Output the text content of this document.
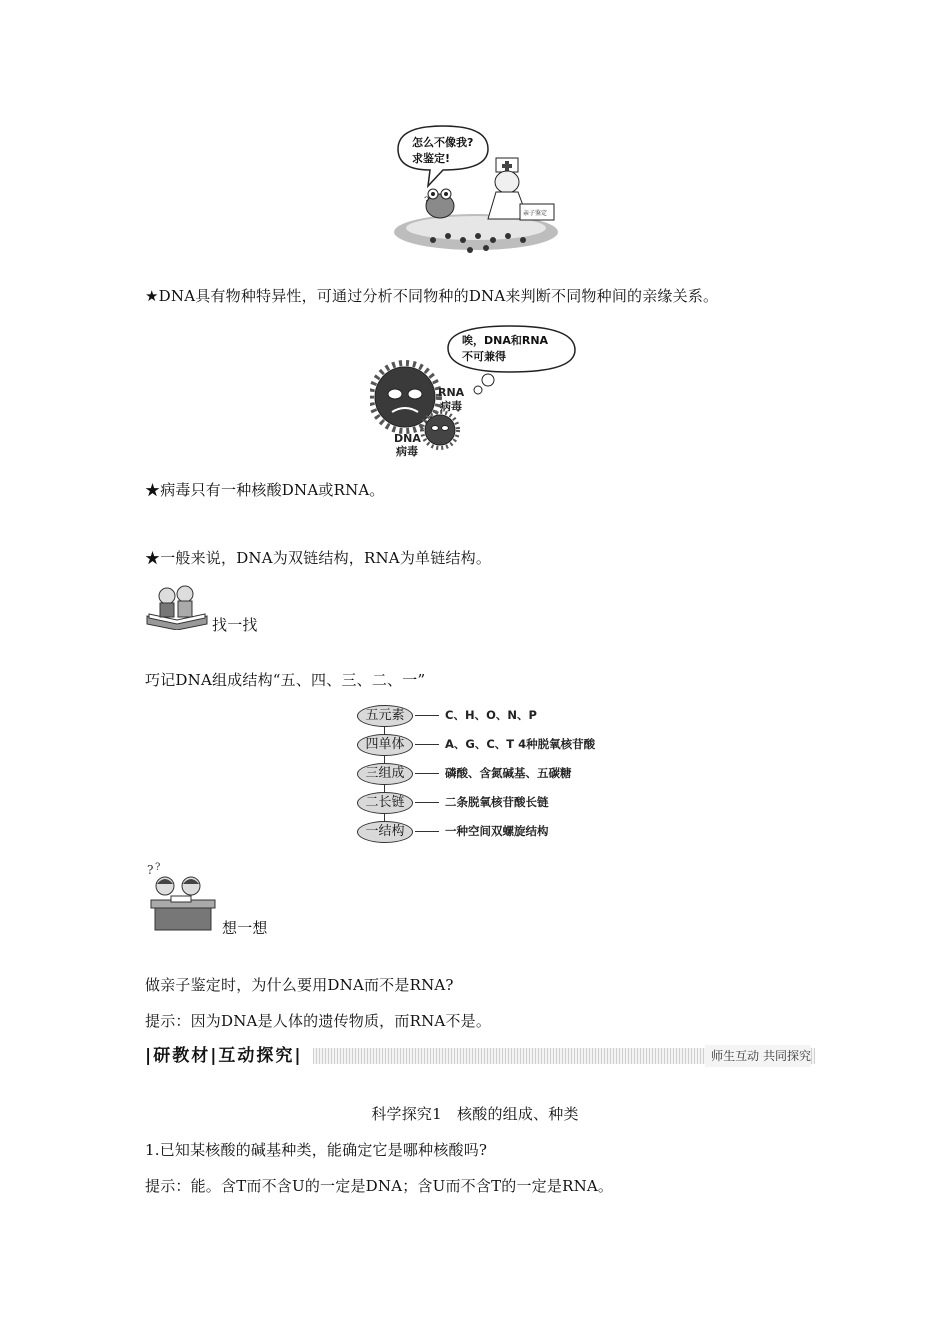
怎么不像我?
求鉴定!
?
亲子鉴定
★DNA具有物种特异性，可通过分析不同物种的DNA来判断不同物种间的亲缘关系。
唉，DNA和RNA
不可兼得
RNA
病毒
DNA
病毒
★病毒只有一种核酸DNA或RNA。
★一般来说，DNA为双链结构，RNA为单链结构。
找一找
巧记DNA组成结构“五、四、三、二、一”
五元素	C、H、O、N、P
四单体	A、G、C、T 4种脱氧核苷酸
三组成	磷酸、含氮碱基、五碳糖
二长链	二条脱氧核苷酸长链
一结构	一种空间双螺旋结构
? ?
想一想
做亲子鉴定时，为什么要用DNA而不是RNA?
提示：因为DNA是人体的遗传物质，而RNA不是。
|研教材|互动探究|	师生互动 共同探究
科学探究1　核酸的组成、种类
1.已知某核酸的碱基种类，能确定它是哪种核酸吗?
提示：能。含T而不含U的一定是DNA；含U而不含T的一定是RNA。
